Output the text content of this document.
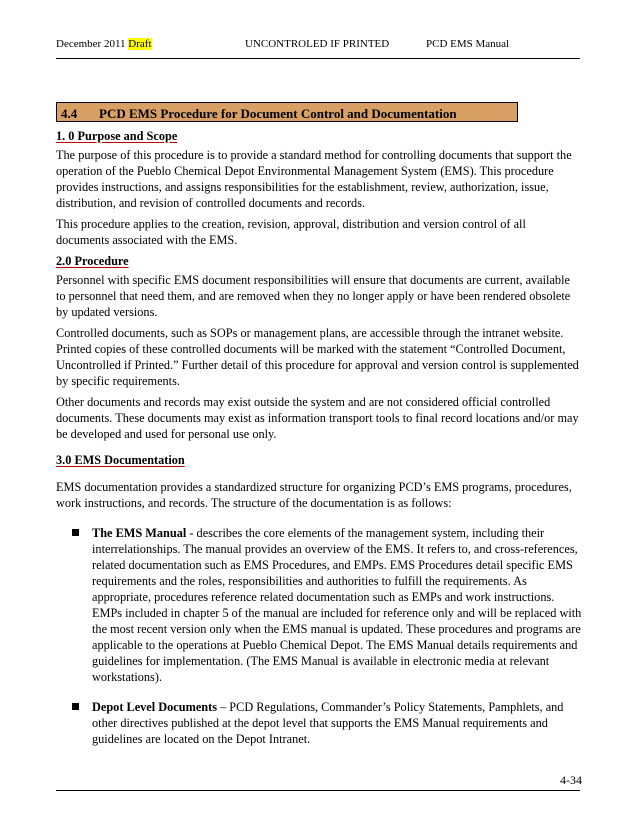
December 2011 Draft	UNCONTROLED IF PRINTED	PCD EMS Manual
4.4 PCD EMS Procedure for Document Control and Documentation
1. 0 Purpose and Scope

The purpose of this procedure is to provide a standard method for controlling documents that support the operation of the Pueblo Chemical Depot Environmental Management System (EMS). This procedure provides instructions, and assigns responsibilities for the establishment, review, authorization, issue, distribution, and revision of controlled documents and records.

This procedure applies to the creation, revision, approval, distribution and version control of all documents associated with the EMS.

2.0 Procedure

Personnel with specific EMS document responsibilities will ensure that documents are current, available to personnel that need them, and are removed when they no longer apply or have been rendered obsolete by updated versions.

Controlled documents, such as SOPs or management plans, are accessible through the intranet website. Printed copies of these controlled documents will be marked with the statement “Controlled Document, Uncontrolled if Printed.” Further detail of this procedure for approval and version control is supplemented by specific requirements.

Other documents and records may exist outside the system and are not considered official controlled documents. These documents may exist as information transport tools to final record locations and/or may be developed and used for personal use only.

3.0 EMS Documentation

EMS documentation provides a standardized structure for organizing PCD’s EMS programs, procedures, work instructions, and records. The structure of the documentation is as follows:

The EMS Manual - describes the core elements of the management system, including their interrelationships. The manual provides an overview of the EMS. It refers to, and cross-references, related documentation such as EMS Procedures, and EMPs. EMS Procedures detail specific EMS requirements and the roles, responsibilities and authorities to fulfill the requirements. As appropriate, procedures reference related documentation such as EMPs and work instructions. EMPs included in chapter 5 of the manual are included for reference only and will be replaced with the most recent version only when the EMS manual is updated. These procedures and programs are applicable to the operations at Pueblo Chemical Depot. The EMS Manual details requirements and guidelines for implementation. (The EMS Manual is available in electronic media at relevant workstations).
Depot Level Documents – PCD Regulations, Commander’s Policy Statements, Pamphlets, and other directives published at the depot level that supports the EMS Manual requirements and guidelines are located on the Depot Intranet.
4-34
